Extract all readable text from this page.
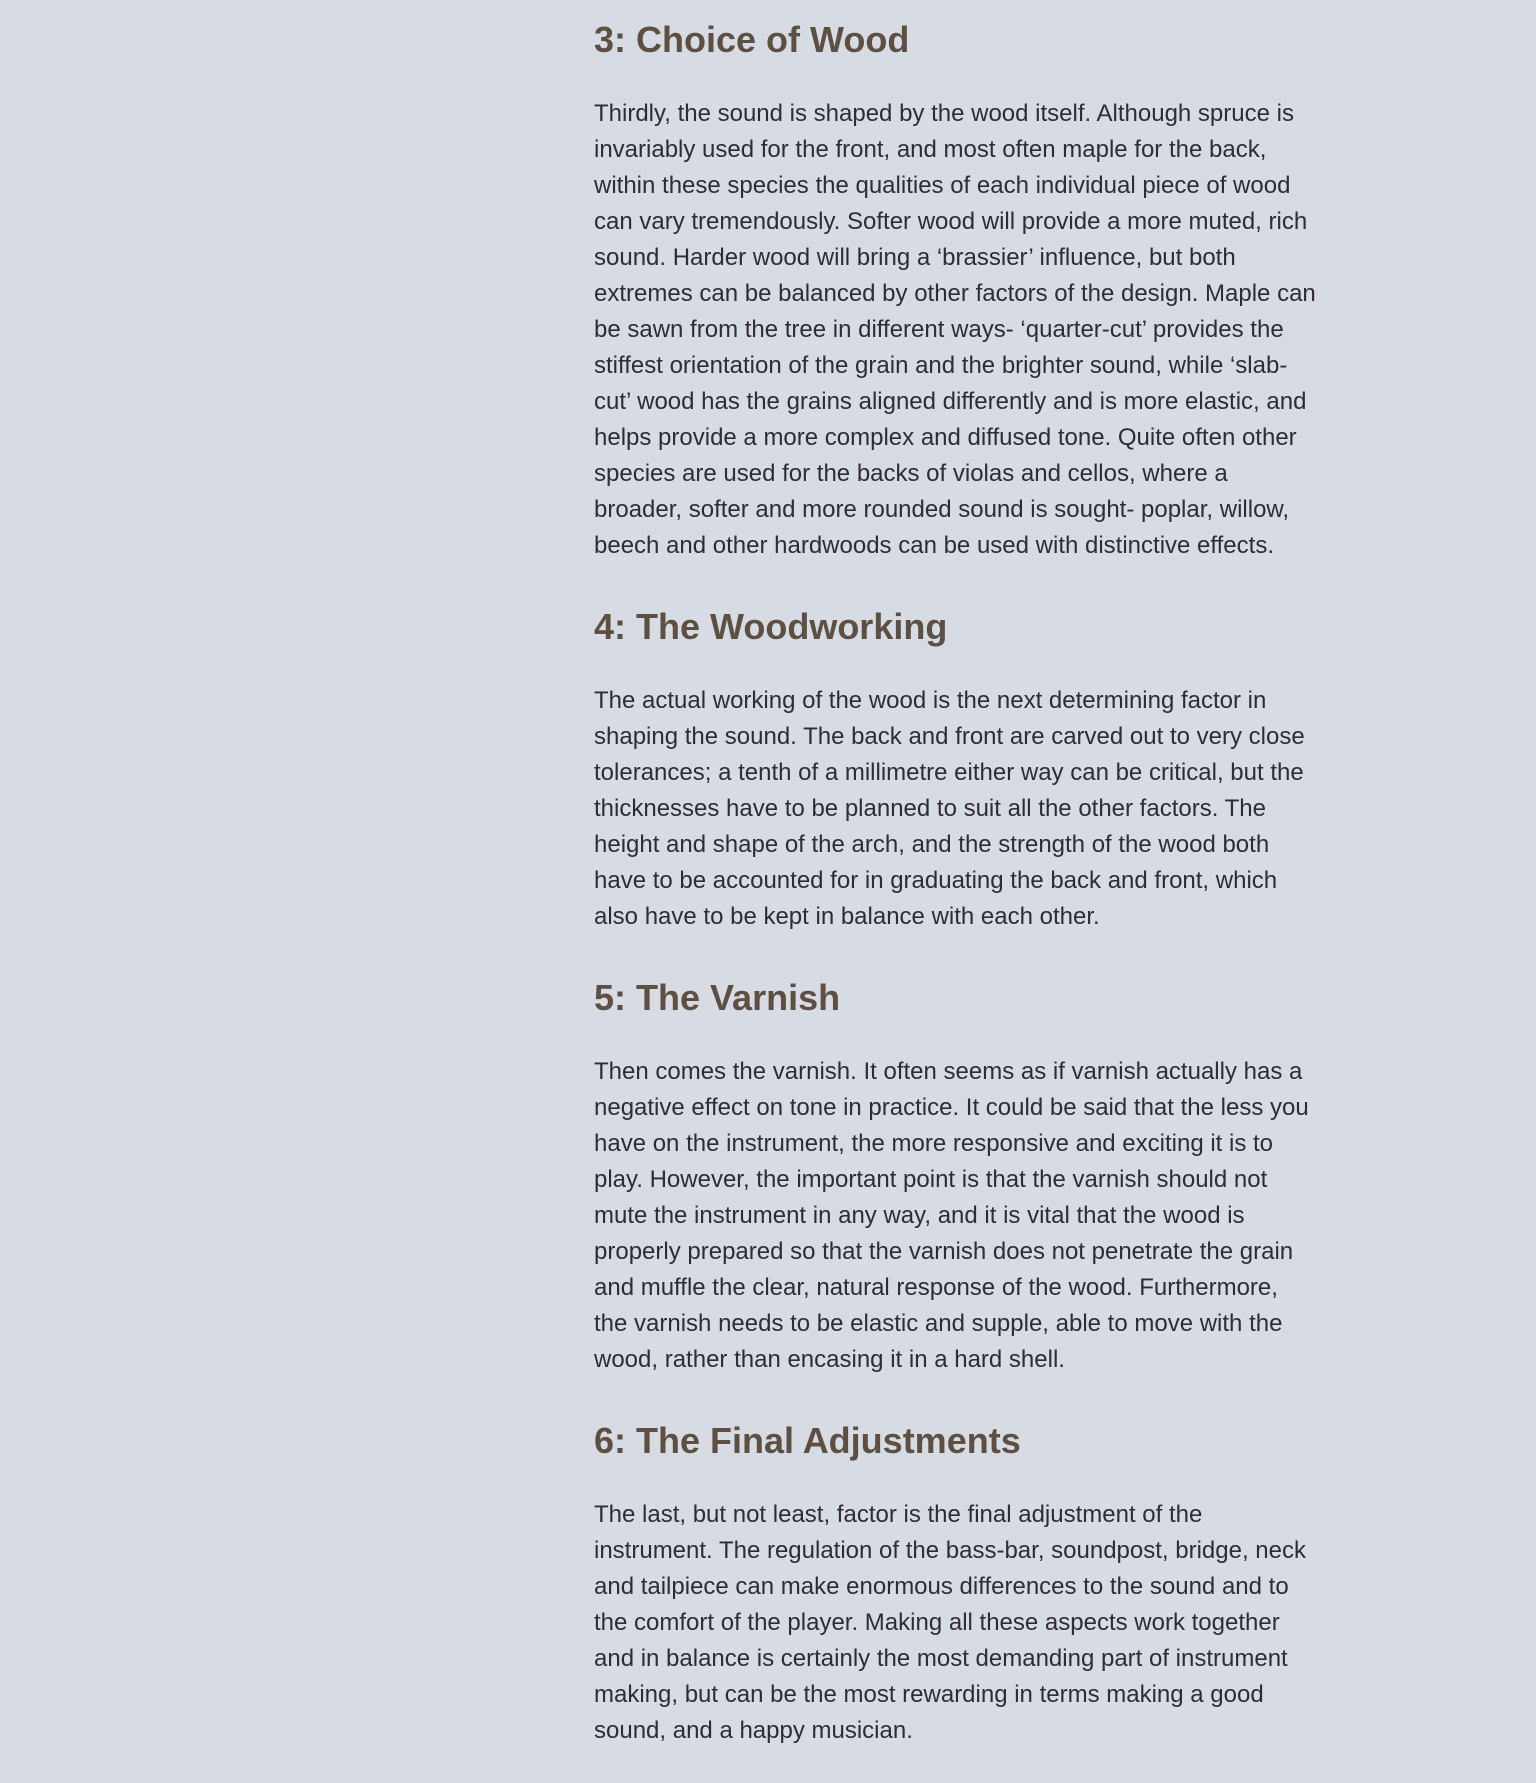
3: Choice of Wood

Thirdly, the sound is shaped by the wood itself. Although spruce is
invariably used for the front, and most often maple for the back,
within these species the qualities of each individual piece of wood
can vary tremendously. Softer wood will provide a more muted, rich
sound. Harder wood will bring a ‘brassier’ influence, but both
extremes can be balanced by other factors of the design. Maple can
be sawn from the tree in different ways- ‘quarter-cut’ provides the
stiffest orientation of the grain and the brighter sound, while ‘slab-
cut’ wood has the grains aligned differently and is more elastic, and
helps provide a more complex and diffused tone. Quite often other
species are used for the backs of violas and cellos, where a
broader, softer and more rounded sound is sought- poplar, willow,
beech and other hardwoods can be used with distinctive effects.

4: The Woodworking

The actual working of the wood is the next determining factor in
shaping the sound. The back and front are carved out to very close
tolerances; a tenth of a millimetre either way can be critical, but the
thicknesses have to be planned to suit all the other factors. The
height and shape of the arch, and the strength of the wood both
have to be accounted for in graduating the back and front, which
also have to be kept in balance with each other.

5: The Varnish

Then comes the varnish. It often seems as if varnish actually has a
negative effect on tone in practice. It could be said that the less you
have on the instrument, the more responsive and exciting it is to
play. However, the important point is that the varnish should not
mute the instrument in any way, and it is vital that the wood is
properly prepared so that the varnish does not penetrate the grain
and muffle the clear, natural response of the wood. Furthermore,
the varnish needs to be elastic and supple, able to move with the
wood, rather than encasing it in a hard shell.

6: The Final Adjustments

The last, but not least, factor is the final adjustment of the
instrument. The regulation of the bass-bar, soundpost, bridge, neck
and tailpiece can make enormous differences to the sound and to
the comfort of the player. Making all these aspects work together
and in balance is certainly the most demanding part of instrument
making, but can be the most rewarding in terms making a good
sound, and a happy musician.
